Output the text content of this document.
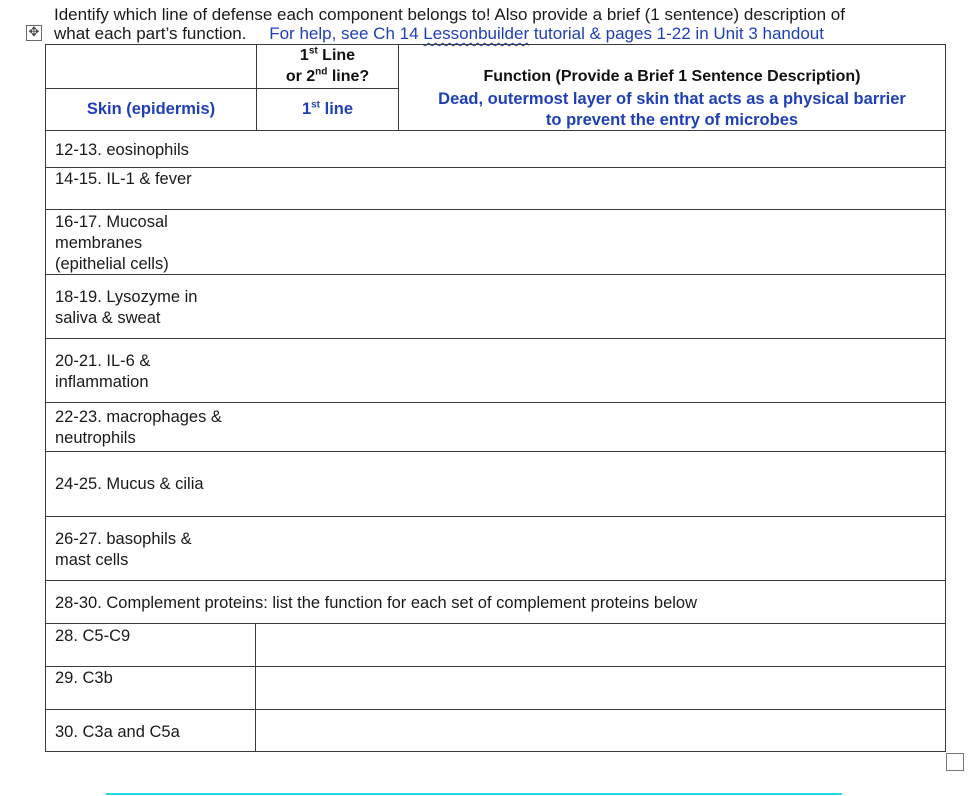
Identify which line of defense each component belongs to! Also provide a brief (1 sentence) description of
what each part’s function. For help, see Ch 14 Lessonbuilder tutorial & pages 1-22 in Unit 3 handout
✥
1st Line
or 2nd line?	Function (Provide a Brief 1 Sentence Description)
Skin (epidermis)	1st line
Dead, outermost layer of skin that acts as a physical barrier
to prevent the entry of microbes
12-13. eosinophils
14-15. IL-1 & fever
16-17. Mucosal
membranes
(epithelial cells)
18-19. Lysozyme in
saliva & sweat
20-21. IL-6 &
inflammation
22-23. macrophages &
neutrophils
24-25. Mucus & cilia
26-27. basophils &
mast cells
28-30. Complement proteins: list the function for each set of complement proteins below
28. C5-C9
29. C3b
30. C3a and C5a
